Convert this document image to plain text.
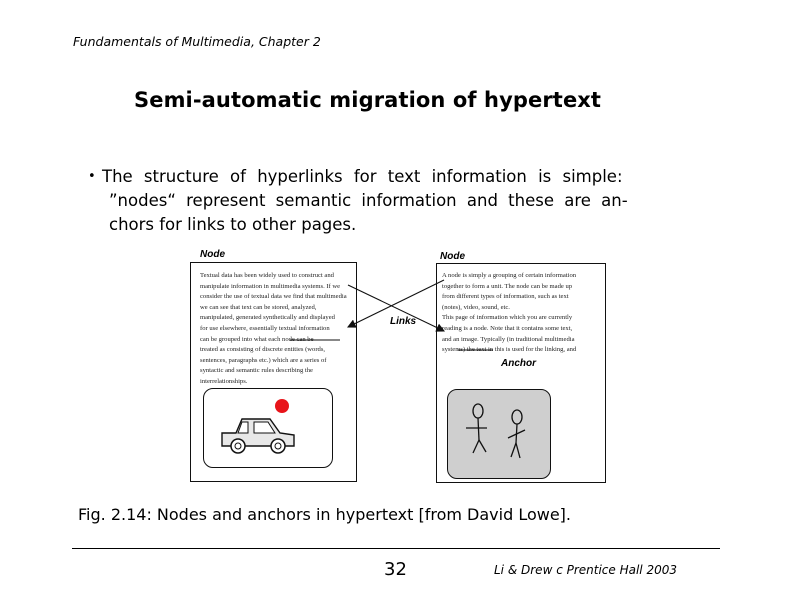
Fundamentals of Multimedia, Chapter 2
Semi-automatic migration of hypertext
• The structure of hyperlinks for text information is simple:
”nodes“ represent semantic information and these are an-
chors for links to other pages.
Node	Node
Textual data has been widely used to construct and
manipulate information in multimedia systems. If we
consider the use of textual data we find that multimedia
we can see that text can be stored, analyzed,
manipulated, generated synthetically and displayed
for use elsewhere, essentially textual information
can be grouped into what each node can be
treated as consisting of discrete entities (words,
sentences, paragraphs etc.) which are a series of
syntactic and semantic rules describing the
interrelationships.
A node is simply a grouping of certain information
together to form a unit. The node can be made up
from different types of information, such as text
(notes), video, sound, etc.
This page of information which you are currently
reading is a node. Note that it contains some text,
and an image. Typically (in traditional multimedia
systems) the text in this is used for the linking, and
Links
Anchor
Fig. 2.14: Nodes and anchors in hypertext [from David Lowe].
32	Li & Drew c Prentice Hall 2003
